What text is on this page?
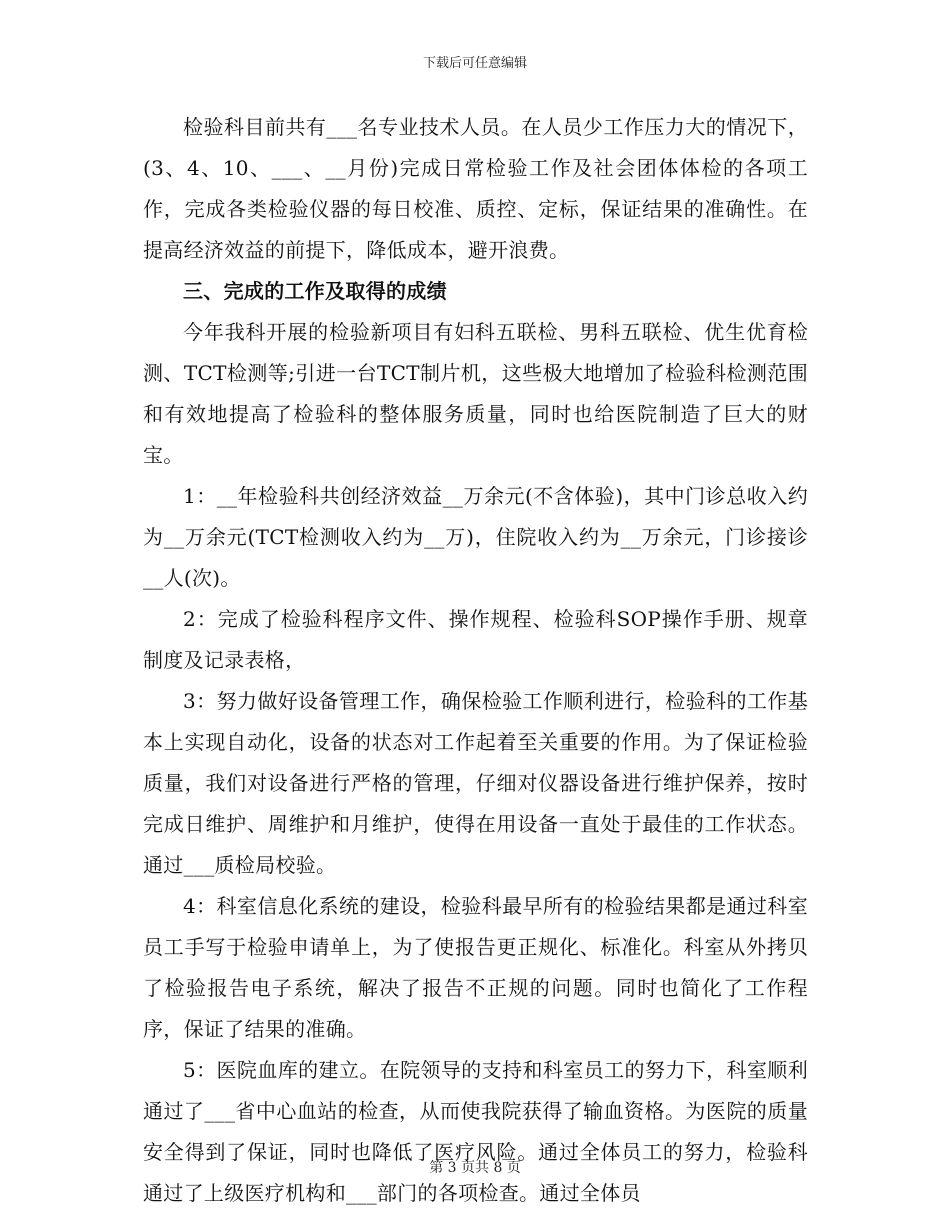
下载后可任意编辑

检验科目前共有___名专业技术人员。在人员少工作压力大的情况下，(3、4、10、___、__月份)完成日常检验工作及社会团体体检的各项工作，完成各类检验仪器的每日校准、质控、定标，保证结果的准确性。在提高经济效益的前提下，降低成本，避开浪费。

三、完成的工作及取得的成绩

今年我科开展的检验新项目有妇科五联检、男科五联检、优生优育检测、TCT检测等;引进一台TCT制片机，这些极大地增加了检验科检测范围和有效地提高了检验科的整体服务质量，同时也给医院制造了巨大的财宝。

1：__年检验科共创经济效益__万余元(不含体验)，其中门诊总收入约为__万余元(TCT检测收入约为__万)，住院收入约为__万余元，门诊接诊__人(次)。

2：完成了检验科程序文件、操作规程、检验科SOP操作手册、规章制度及记录表格，

3：努力做好设备管理工作，确保检验工作顺利进行，检验科的工作基本上实现自动化，设备的状态对工作起着至关重要的作用。为了保证检验质量，我们对设备进行严格的管理，仔细对仪器设备进行维护保养，按时完成日维护、周维护和月维护，使得在用设备一直处于最佳的工作状态。通过___质检局校验。

4：科室信息化系统的建设，检验科最早所有的检验结果都是通过科室员工手写于检验申请单上，为了使报告更正规化、标准化。科室从外拷贝了检验报告电子系统，解决了报告不正规的问题。同时也简化了工作程序，保证了结果的准确。

5：医院血库的建立。在院领导的支持和科室员工的努力下，科室顺利通过了___省中心血站的检查，从而使我院获得了输血资格。为医院的质量安全得到了保证，同时也降低了医疗风险。通过全体员工的努力，检验科通过了上级医疗机构和___部门的各项检查。通过全体员

第 3 页共 8 页
